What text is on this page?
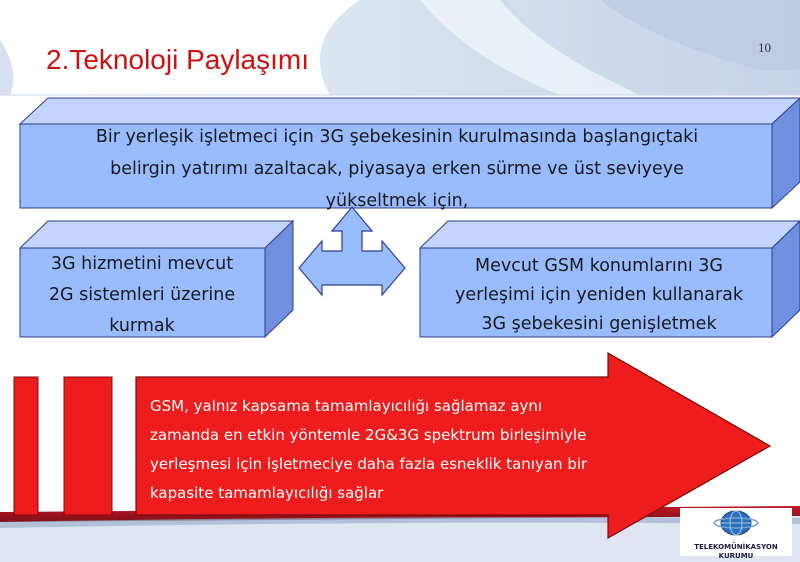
2.Teknoloji Paylaşımı	10
Bir yerleşik işletmeci için 3G şebekesinin kurulmasında başlangıçtaki
belirgin yatırımı azaltacak, piyasaya erken sürme ve üst seviyeye
yükseltmek için,
3G hizmetini mevcut
2G sistemleri üzerine
kurmak
Mevcut GSM konumlarını 3G
yerleşimi için yeniden kullanarak
3G şebekesini genişletmek
GSM, yalnız kapsama tamamlayıcılığı sağlamaz aynı
zamanda en etkin yöntemle 2G&3G spektrum birleşimiyle
yerleşmesi için işletmeciye daha fazla esneklik tanıyan bir
kapasite tamamlayıcılığı sağlar
TELEKOMÜNİKASYON
KURUMU
